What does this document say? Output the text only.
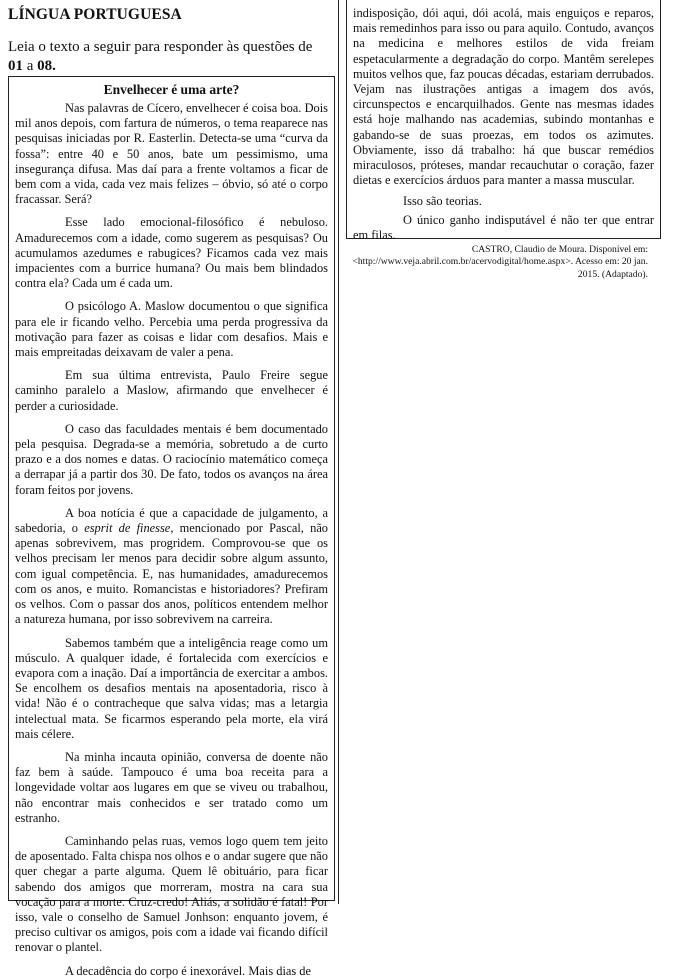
LÍNGUA PORTUGUESA
Leia o texto a seguir para responder às questões de 01 a 08.
Envelhecer é uma arte?

Nas palavras de Cícero, envelhecer é coisa boa. Dois mil anos depois, com fartura de números, o tema reaparece nas pesquisas iniciadas por R. Easterlin. Detecta-se uma “curva da fossa”: entre 40 e 50 anos, bate um pessimismo, uma insegurança difusa. Mas daí para a frente voltamos a ficar de bem com a vida, cada vez mais felizes – óbvio, só até o corpo fracassar. Será?

Esse lado emocional-filosófico é nebuloso. Amadurecemos com a idade, como sugerem as pesquisas? Ou acumulamos azedumes e rabugices? Ficamos cada vez mais impacientes com a burrice humana? Ou mais bem blindados contra ela? Cada um é cada um.

O psicólogo A. Maslow documentou o que significa para ele ir ficando velho. Percebia uma perda progressiva da motivação para fazer as coisas e lidar com desafios. Mais e mais empreitadas deixavam de valer a pena.

Em sua última entrevista, Paulo Freire segue caminho paralelo a Maslow, afirmando que envelhecer é perder a curiosidade.

O caso das faculdades mentais é bem documentado pela pesquisa. Degrada-se a memória, sobretudo a de curto prazo e a dos nomes e datas. O raciocínio matemático começa a derrapar já a partir dos 30. De fato, todos os avanços na área foram feitos por jovens.

A boa notícia é que a capacidade de julgamento, a sabedoria, o esprit de finesse, mencionado por Pascal, não apenas sobrevivem, mas progridem. Comprovou-se que os velhos precisam ler menos para decidir sobre algum assunto, com igual competência. E, nas humanidades, amadurecemos com os anos, e muito. Romancistas e historiadores? Prefiram os velhos. Com o passar dos anos, políticos entendem melhor a natureza humana, por isso sobrevivem na carreira.

Sabemos também que a inteligência reage como um músculo. A qualquer idade, é fortalecida com exercícios e evapora com a inação. Daí a importância de exercitar a ambos. Se encolhem os desafios mentais na aposentadoria, risco à vida! Não é o contracheque que salva vidas; mas a letargia intelectual mata. Se ficarmos esperando pela morte, ela virá mais célere.

Na minha incauta opinião, conversa de doente não faz bem à saúde. Tampouco é uma boa receita para a longevidade voltar aos lugares em que se viveu ou trabalhou, não encontrar mais conhecidos e ser tratado como um estranho.

Caminhando pelas ruas, vemos logo quem tem jeito de aposentado. Falta chispa nos olhos e o andar sugere que não quer chegar a parte alguma. Quem lê obituário, para ficar sabendo dos amigos que morreram, mostra na cara sua vocação para a morte. Cruz-credo! Aliás, a solidão é fatal! Por isso, vale o conselho de Samuel Jonhson: enquanto jovem, é preciso cultivar os amigos, pois com a idade vai ficando difícil renovar o plantel.

A decadência do corpo é inexorável. Mais dias de

indisposição, dói aqui, dói acolá, mais enguiços e reparos, mais remedinhos para isso ou para aquilo. Contudo, avanços na medicina e melhores estilos de vida freiam espetacularmente a degradação do corpo. Mantêm serelepes muitos velhos que, faz poucas décadas, estariam derrubados. Vejam nas ilustrações antigas a imagem dos avós, circunspectos e encarquilhados. Gente nas mesmas idades está hoje malhando nas academias, subindo montanhas e gabando-se de suas proezas, em todos os azimutes. Obviamente, isso dá trabalho: há que buscar remédios miraculosos, próteses, mandar recauchutar o coração, fazer dietas e exercícios árduos para manter a massa muscular.

Isso são teorias.

O único ganho indisputável é não ter que entrar em filas.

CASTRO, Claudio de Moura. Disponível em:
<http://www.veja.abril.com.br/acervodigital/home.aspx>. Acesso em: 20 jan.
2015. (Adaptado).
